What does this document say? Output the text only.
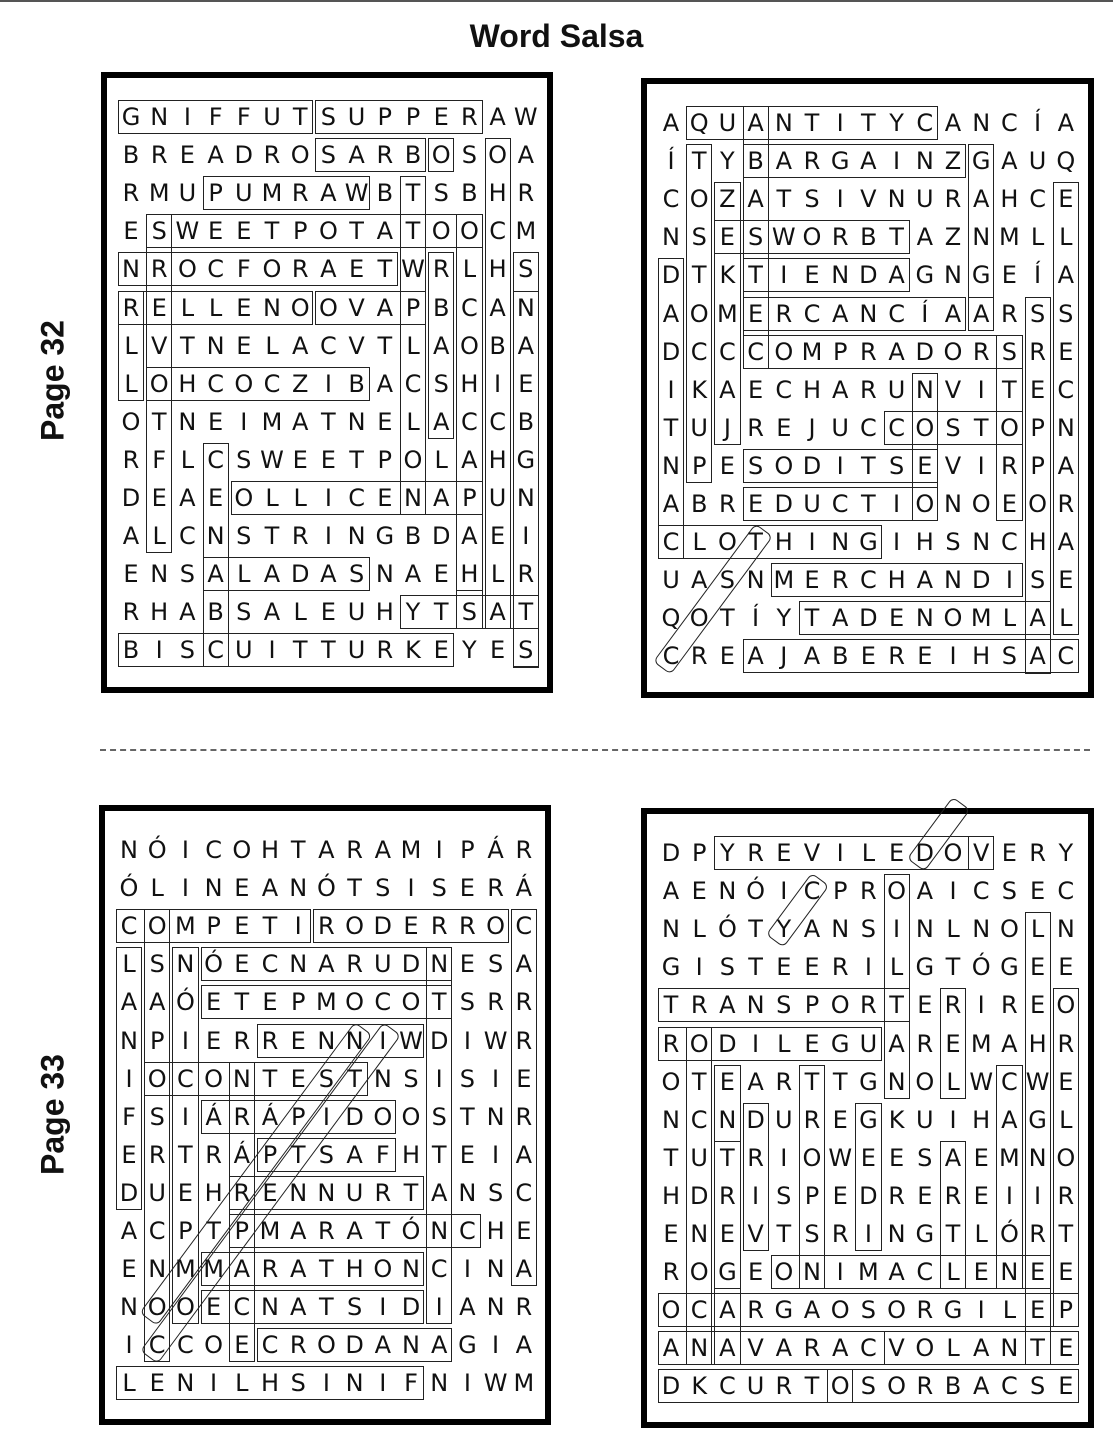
Word Salsa
Page 32
Page 33
G N I F F U T S U P P E R A W
B R E A D R O S A R B O S O A
R M U P U M R A W B T S B H R
E S W E E T P O T A T O O C M
N R O C F O R A E T W R L H S
R E L L E N O O V A P B C A N
L V T N E L A C V T L A O B A
L O H C O C Z I B A C S H I E
O T N E I M A T N E L A C C B
R F L C S W E E T P O L A H G
D E A E O L L I C E N A P U N
A L C N S T R I N G B D A E I
E N S A L A D A S N A E H L R
R H A B S A L E U H Y T S A T
B I S C U I T T U R K E Y E S
A Q U A N T I T Y C A N C Í A
Í T Y B A R G A I N Z G A U Q
C O Z A T S I V N U R A H C E
N S E S W O R B T A Z N M L L
D T K T I E N D A G N G E Í A
A O M E R C A N C Í A A R S S
D C C C O M P R A D O R S R E
I K A E C H A R U N V I T E C
T U J R E J U C C O S T O P N
N P E S O D I T S E V I R P A
A B R E D U C T I O N O E O R
C L O T H I N G I H S N C H A
U A S N M E R C H A N D I S E
Q O T Í Y T A D E N O M L A L
C R E A J A B E R E I H S A C
N Ó I C O H T A R A M I P Á R
Ó L I N E A N Ó T S I S E R Á
C O M P E T I R O D E R R O C
L S N Ó E C N A R U D N E S A
A A Ó E T E P M O C O T S R R
N P I E R R E N N I W D I W R
I O C O N T E S T N S I S I E
F S I Á R Á P I D O O S T N R
E R T R Á P T S A F H T E I A
D U E H R E N N U R T A N S C
A C P T P M A R A T Ó N C H E
E N M M A R A T H O N C I N A
N O O E C N A T S I D I A N R
I C C O E C R O D A N A G I A
L E N I L H S I N I F N I W M
D P Y R E V I L E D O V E R Y
A E N Ó I C P R O A I C S E C
N L Ó T Y A N S I N L N O L N
G I S T E E R I L G T Ó G E E
T R A N S P O R T E R I R E O
R O D I L E G U A R E M A H R
O T E A R T T G N O L W C W E
N C N D U R E G K U I H A G L
T U T R I O W E E S A E M N O
H D R I S P E D R E R E I I R
E N E V T S R I N G T L Ó R T
R O G E O N I M A C L E N E E
O C A R G A O S O R G I L E P
A N A V A R A C V O L A N T E
D K C U R T O S O R B A C S E
